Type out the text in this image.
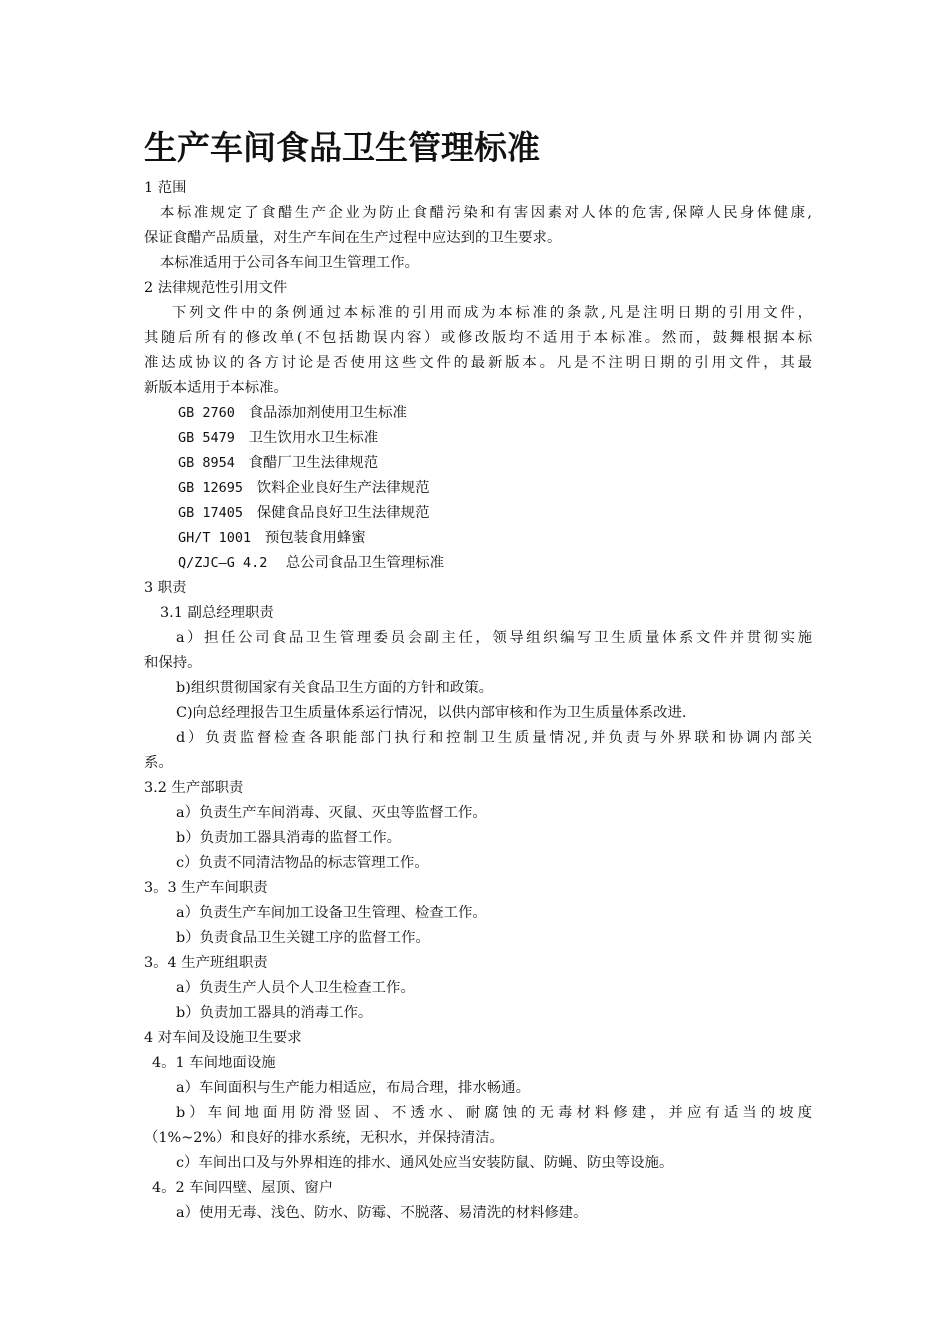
生产车间食品卫生管理标准
1 范围
本标准规定了食醋生产企业为防止食醋污染和有害因素对人体的危害,保障人民身体健康,
保证食醋产品质量，对生产车间在生产过程中应达到的卫生要求。
本标准适用于公司各车间卫生管理工作。
2 法律规范性引用文件
下列文件中的条例通过本标准的引用而成为本标准的条款,凡是注明日期的引用文件，
其随后所有的修改单(不包括勘误内容）或修改版均不适用于本标准。然而，鼓舞根据本标
准达成协议的各方讨论是否使用这些文件的最新版本。凡是不注明日期的引用文件，其最
新版本适用于本标准。
GB 2760 食品添加剂使用卫生标准
GB 5479 卫生饮用水卫生标准
GB 8954 食醋厂卫生法律规范
GB 12695 饮料企业良好生产法律规范
GB 17405 保健食品良好卫生法律规范
GH/T 1001 预包装食用蜂蜜
Q/ZJC—G 4.2 总公司食品卫生管理标准
3 职责
3.1 副总经理职责
a）担任公司食品卫生管理委员会副主任，领导组织编写卫生质量体系文件并贯彻实施
和保持。
b)组织贯彻国家有关食品卫生方面的方针和政策。
C)向总经理报告卫生质量体系运行情况，以供内部审核和作为卫生质量体系改进.
d）负责监督检查各职能部门执行和控制卫生质量情况,并负责与外界联和协调内部关
系。
3.2 生产部职责
a）负责生产车间消毒、灭鼠、灭虫等监督工作。
b）负责加工器具消毒的监督工作。
c）负责不同清洁物品的标志管理工作。
3。3 生产车间职责
a）负责生产车间加工设备卫生管理、检查工作。
b）负责食品卫生关键工序的监督工作。
3。4 生产班组职责
a）负责生产人员个人卫生检查工作。
b）负责加工器具的消毒工作。
4 对车间及设施卫生要求
4。1 车间地面设施
a）车间面积与生产能力相适应，布局合理，排水畅通。
b）车间地面用防滑竖固、不透水、耐腐蚀的无毒材料修建，并应有适当的坡度
（1%~2%）和良好的排水系统，无积水，并保持清洁。
c）车间出口及与外界相连的排水、通风处应当安装防鼠、防蝇、防虫等设施。
4。2 车间四壁、屋顶、窗户
a）使用无毒、浅色、防水、防霉、不脱落、易清洗的材料修建。
